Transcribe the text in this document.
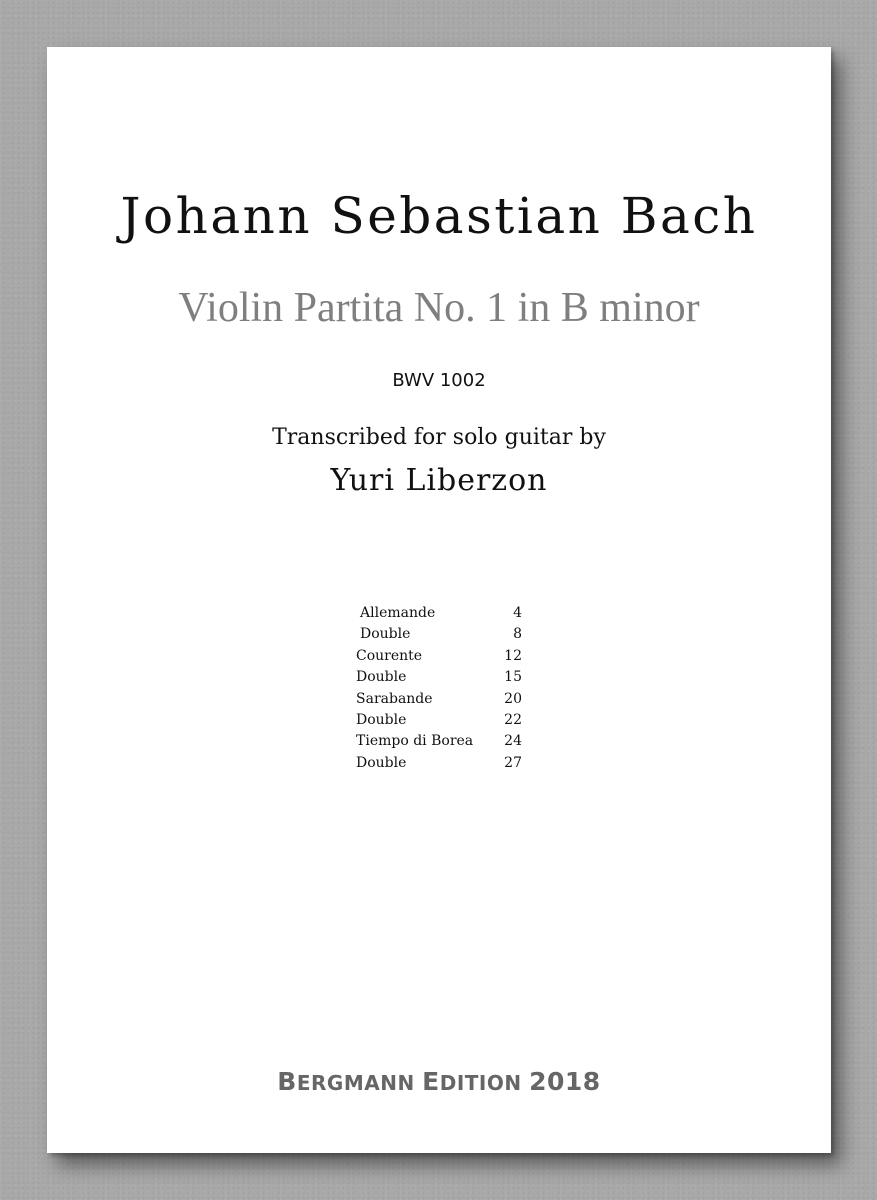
Johann Sebastian Bach
Violin Partita No. 1 in B minor
BWV 1002
Transcribed for solo guitar by
Yuri Liberzon
Allemande	4
Double	8
Courente	12
Double	15
Sarabande	20
Double	22
Tiempo di Borea 24
Double	27
BERGMANN EDITION 2018
